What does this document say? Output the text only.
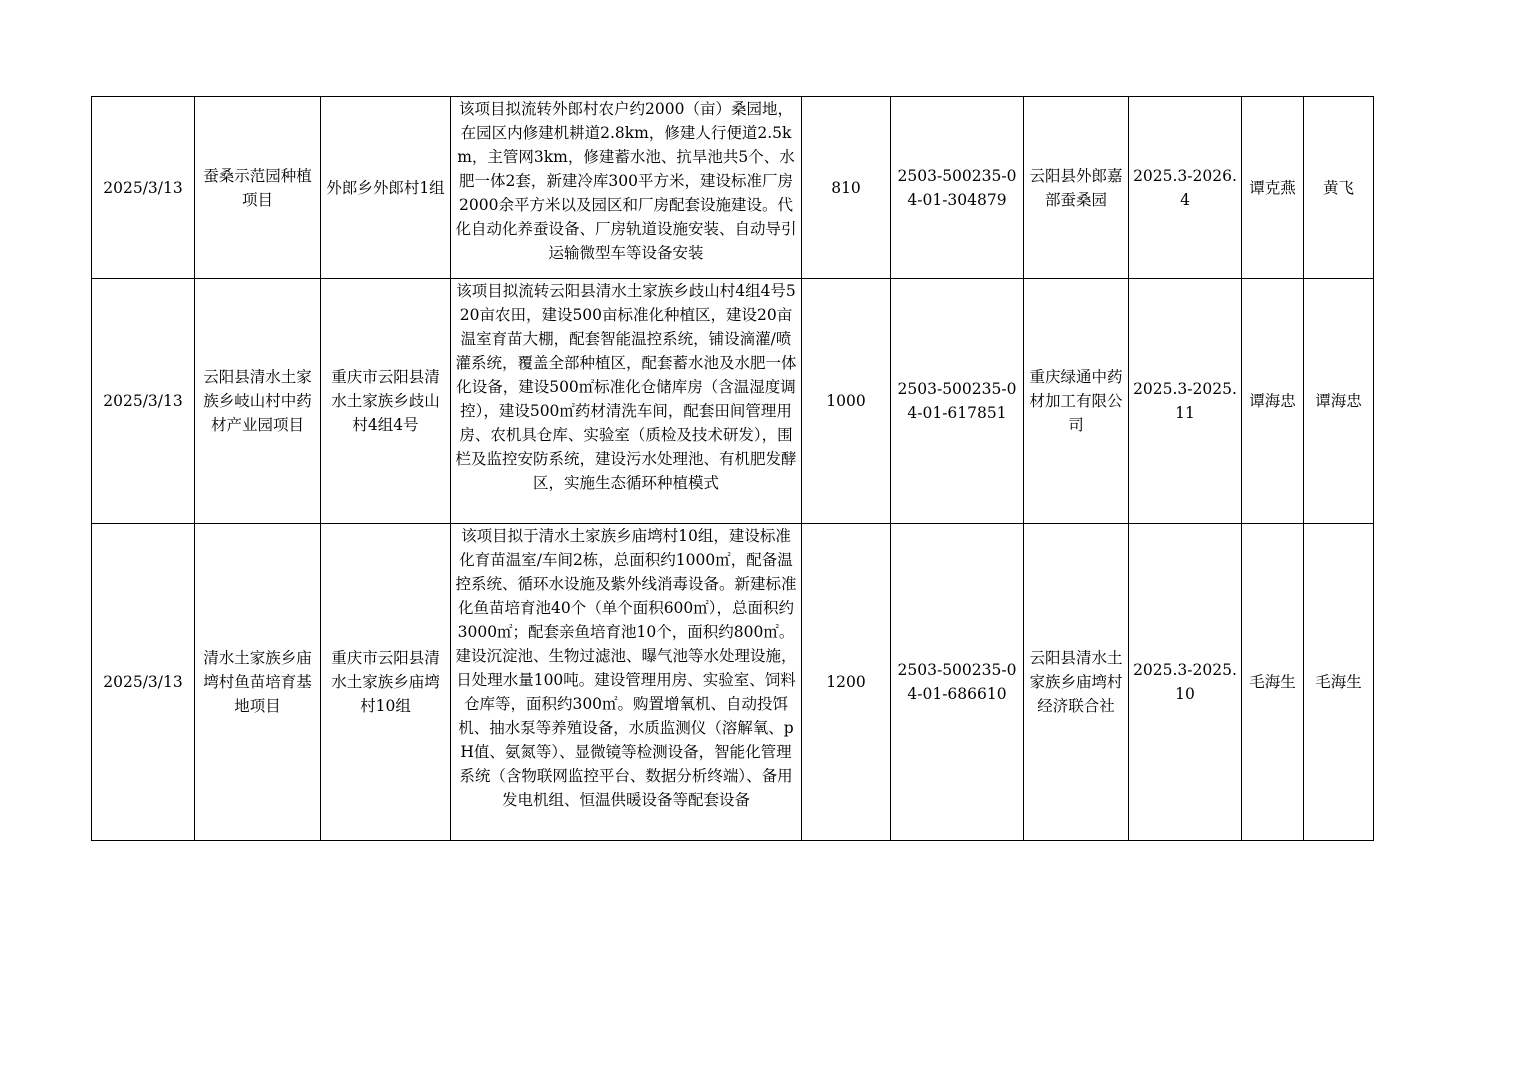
2025/3/13	蚕桑示范园种植项目	外郎乡外郎村1组	该项目拟流转外郎村农户约2000（亩）桑园地，在园区内修建机耕道2.8km，修建人行便道2.5km，主管网3km，修建蓄水池、抗旱池共5个、水肥一体2套，新建冷库300平方米，建设标准厂房2000余平方米以及园区和厂房配套设施建设。代化自动化养蚕设备、厂房轨道设施安装、自动导引运输微型车等设备安装	810	2503-500235-04-01-304879	云阳县外郎嘉部蚕桑园	2025.3-2026.4	谭克燕	黄飞
2025/3/13	云阳县清水土家族乡岐山村中药材产业园项目	重庆市云阳县清水土家族乡歧山村4组4号	该项目拟流转云阳县清水土家族乡歧山村4组4号520亩农田，建设500亩标准化种植区，建设20亩温室育苗大棚，配套智能温控系统，铺设滴灌/喷灌系统，覆盖全部种植区，配套蓄水池及水肥一体化设备，建设500㎡标准化仓储库房（含温湿度调控），建设500㎡药材清洗车间，配套田间管理用房、农机具仓库、实验室（质检及技术研发），围栏及监控安防系统，建设污水处理池、有机肥发酵区，实施生态循环种植模式	1000	2503-500235-04-01-617851	重庆绿通中药材加工有限公司	2025.3-2025.11	谭海忠	谭海忠
2025/3/13	清水土家族乡庙塆村鱼苗培育基地项目	重庆市云阳县清水土家族乡庙塆村10组	该项目拟于清水土家族乡庙塆村10组，建设标准化育苗温室/车间2栋，总面积约1000㎡，配备温控系统、循环水设施及紫外线消毒设备。新建标准化鱼苗培育池40个（单个面积600㎡），总面积约3000㎡；配套亲鱼培育池10个，面积约800㎡。建设沉淀池、生物过滤池、曝气池等水处理设施，日处理水量100吨。建设管理用房、实验室、饲料仓库等，面积约300㎡。购置增氧机、自动投饵机、抽水泵等养殖设备，水质监测仪（溶解氧、pH值、氨氮等）、显微镜等检测设备，智能化管理系统（含物联网监控平台、数据分析终端）、备用发电机组、恒温供暖设备等配套设备	1200	2503-500235-04-01-686610	云阳县清水土家族乡庙塆村经济联合社	2025.3-2025.10	毛海生	毛海生
